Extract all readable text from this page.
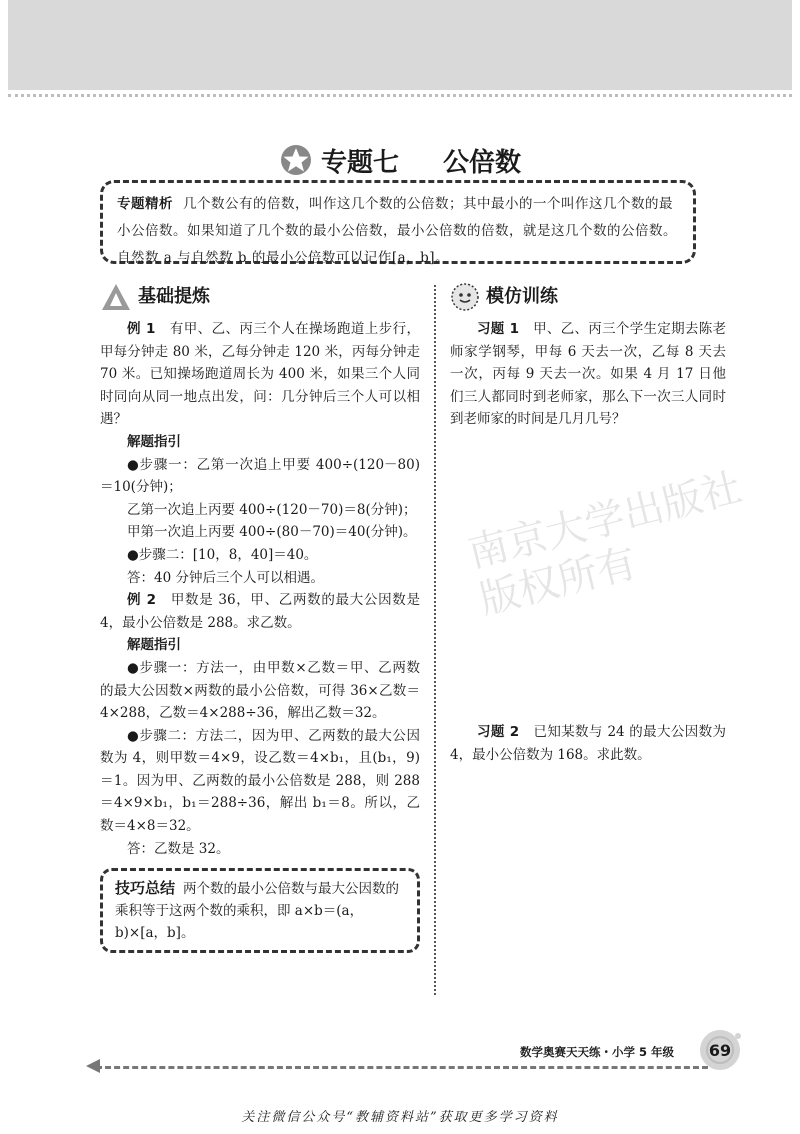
专题七 公倍数
专题精析 几个数公有的倍数，叫作这几个数的公倍数；其中最小的一个叫作这几个数的最小公倍数。如果知道了几个数的最小公倍数，最小公倍数的倍数，就是这几个数的公倍数。自然数 a 与自然数 b 的最小公倍数可以记作[a，b]。
基础提炼

例 1　 有甲、乙、丙三个人在操场跑道上步行，甲每分钟走 80 米，乙每分钟走 120 米，丙每分钟走 70 米。已知操场跑道周长为 400 米，如果三个人同时同向从同一地点出发，问：几分钟后三个人可以相遇？

解题指引

●步骤一：乙第一次追上甲要 400÷(120－80)＝10(分钟)；

乙第一次追上丙要 400÷(120－70)＝8(分钟)；

甲第一次追上丙要 400÷(80－70)＝40(分钟)。

●步骤二：[10，8，40]＝40。

答：40 分钟后三个人可以相遇。

例 2　 甲数是 36，甲、乙两数的最大公因数是 4，最小公倍数是 288。求乙数。

解题指引

●步骤一：方法一，由甲数×乙数＝甲、乙两数的最大公因数×两数的最小公倍数，可得 36×乙数＝4×288，乙数＝4×288÷36，解出乙数＝32。

●步骤二：方法二，因为甲、乙两数的最大公因数为 4，则甲数＝4×9，设乙数＝4×b₁，且(b₁，9)＝1。因为甲、乙两数的最小公倍数是 288，则 288＝4×9×b₁，b₁＝288÷36，解出 b₁＝8。所以，乙数＝4×8＝32。

答：乙数是 32。

技巧总结 两个数的最小公倍数与最大公因数的乘积等于这两个数的乘积，即 a×b＝(a，b)×[a，b]。
模仿训练

习题 1　 甲、乙、丙三个学生定期去陈老师家学钢琴，甲每 6 天去一次，乙每 8 天去一次，丙每 9 天去一次。如果 4 月 17 日他们三人都同时到老师家，那么下一次三人同时到老师家的时间是几月几号？

习题 2　 已知某数与 24 的最大公因数为 4，最小公倍数为 168。求此数。

南京大学出版社 版权所有
数学奥赛天天练・小学 5 年级	69
关注微信公众号“教辅资料站”获取更多学习资料
